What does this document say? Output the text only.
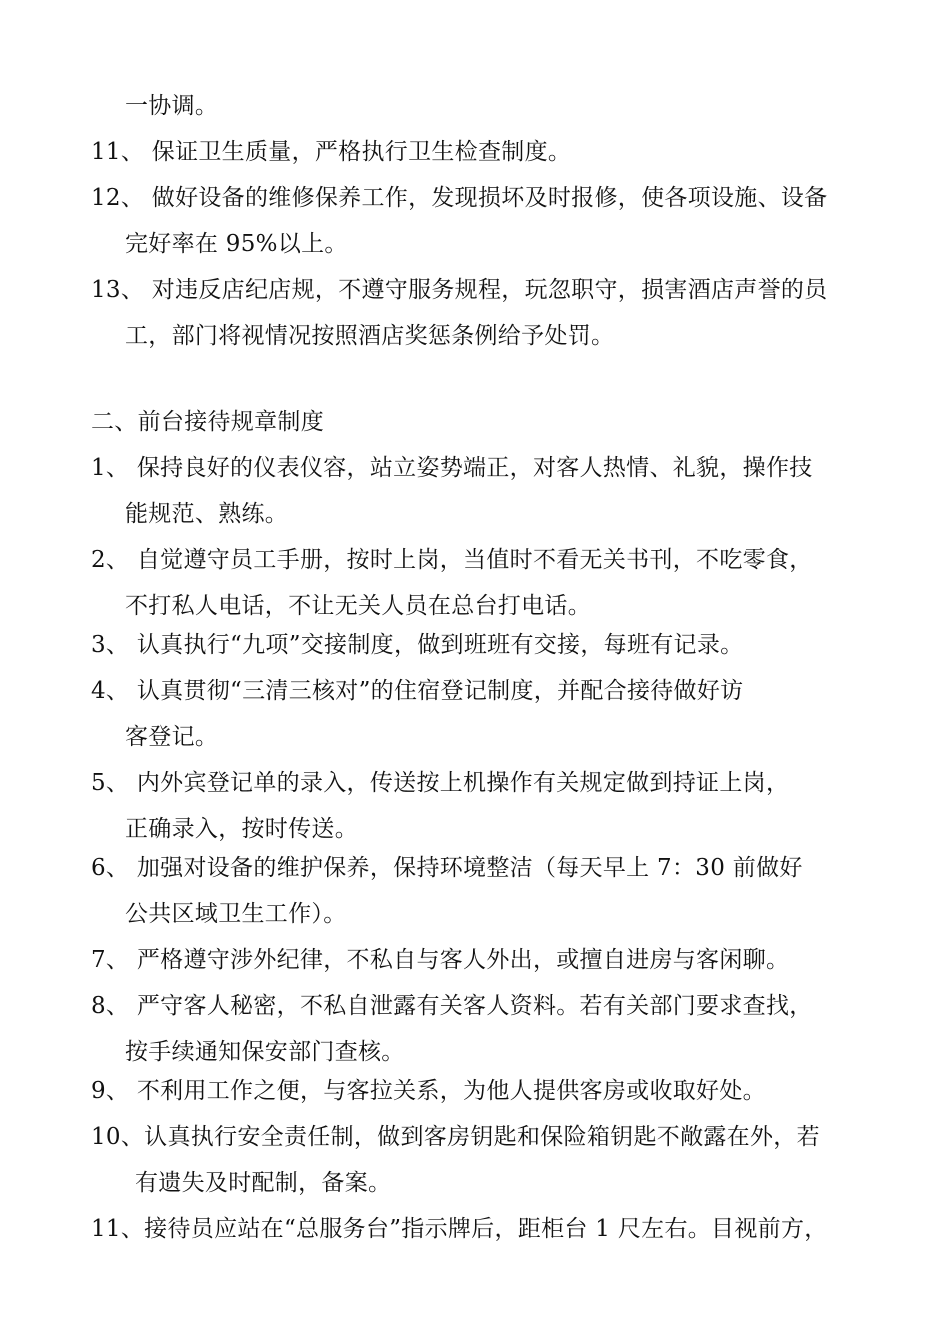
一协调。
11、 保证卫生质量，严格执行卫生检查制度。
12、 做好设备的维修保养工作，发现损坏及时报修，使各项设施、设备
完好率在 95%以上。
13、 对违反店纪店规，不遵守服务规程，玩忽职守，损害酒店声誉的员
工，部门将视情况按照酒店奖惩条例给予处罚。
二、前台接待规章制度
1、 保持良好的仪表仪容，站立姿势端正，对客人热情、礼貌，操作技
能规范、熟练。
2、 自觉遵守员工手册，按时上岗，当值时不看无关书刊，不吃零食，
不打私人电话，不让无关人员在总台打电话。
3、 认真执行“九项”交接制度，做到班班有交接，每班有记录。
4、 认真贯彻“三清三核对”的住宿登记制度，并配合接待做好访
客登记。
5、 内外宾登记单的录入，传送按上机操作有关规定做到持证上岗，
正确录入，按时传送。
6、 加强对设备的维护保养，保持环境整洁（每天早上 7：30 前做好
公共区域卫生工作）。
7、 严格遵守涉外纪律，不私自与客人外出，或擅自进房与客闲聊。
8、 严守客人秘密，不私自泄露有关客人资料。若有关部门要求查找，
按手续通知保安部门查核。
9、 不利用工作之便，与客拉关系，为他人提供客房或收取好处。
10、认真执行安全责任制，做到客房钥匙和保险箱钥匙不敞露在外，若
有遗失及时配制，备案。
11、接待员应站在“总服务台”指示牌后，距柜台 1 尺左右。目视前方，
